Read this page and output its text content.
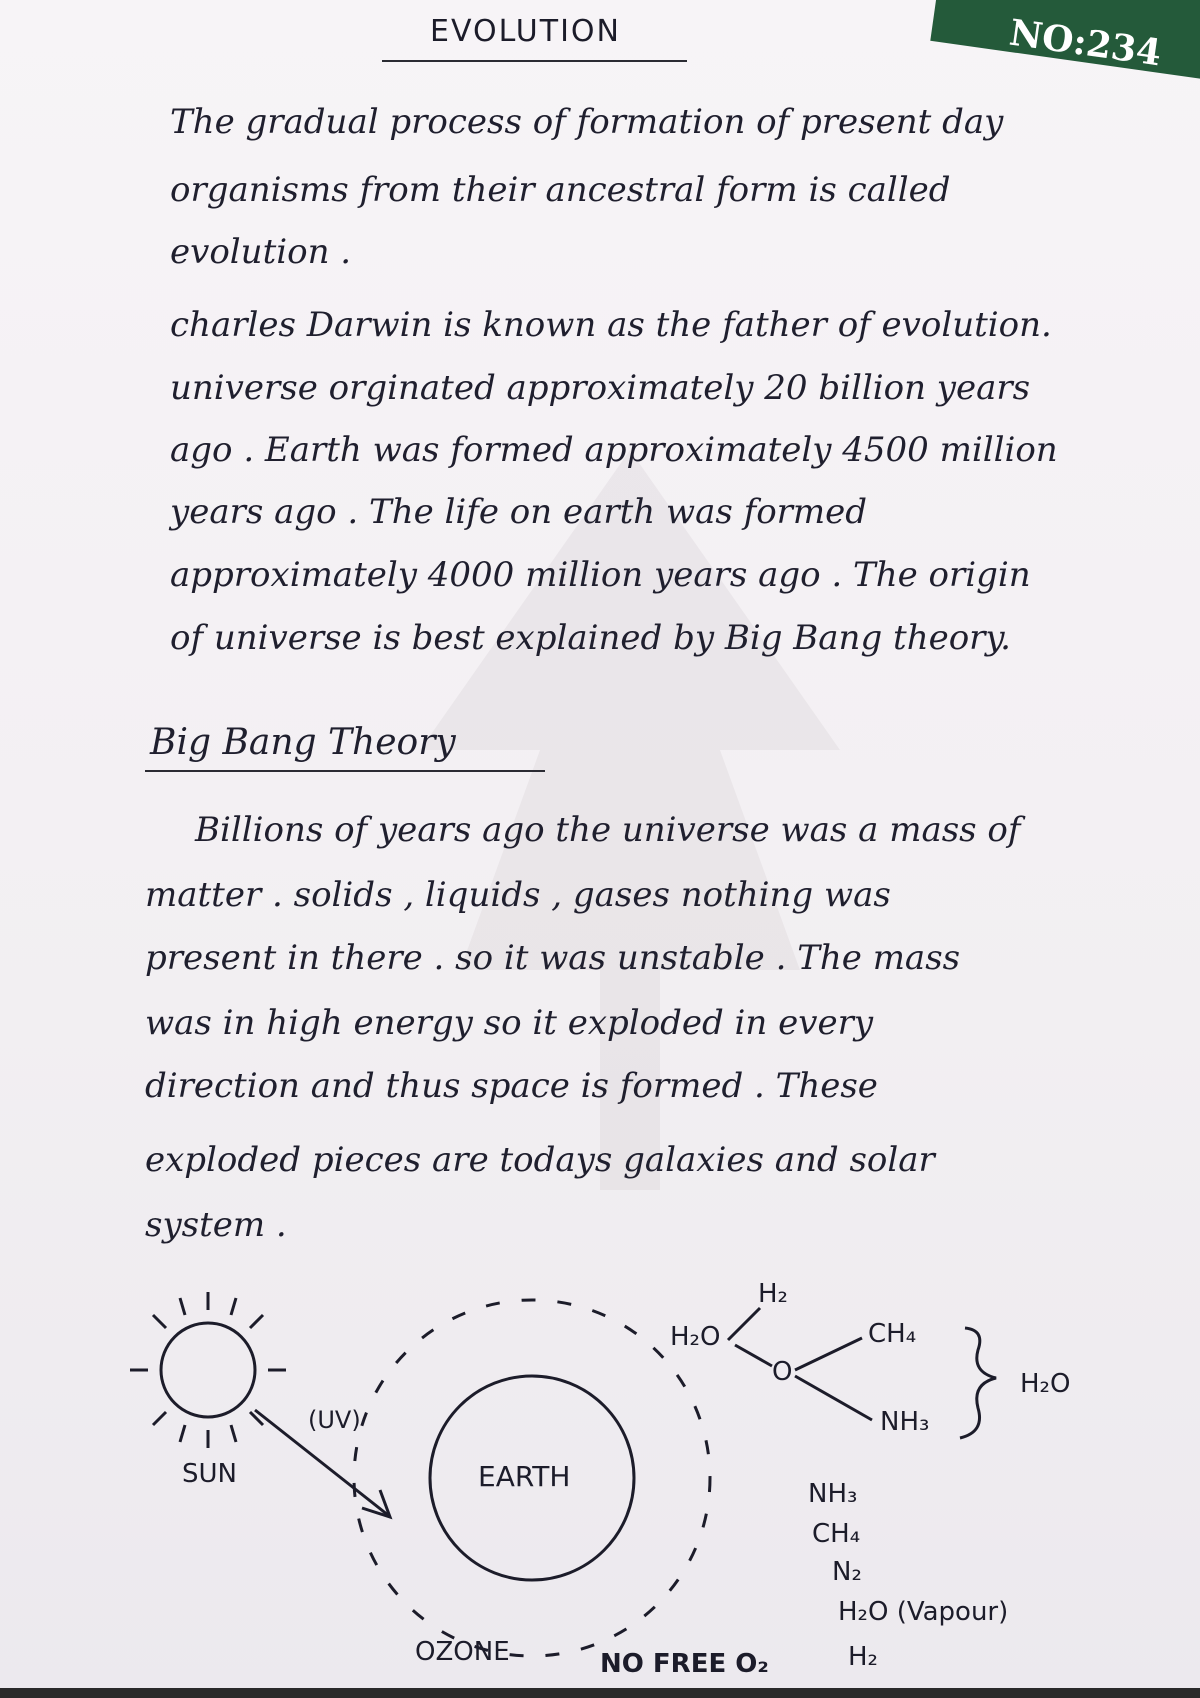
NO:234
EVOLUTION
The gradual process of formation of present day
organisms from their ancestral form is called
evolution .
charles Darwin is known as the father of evolution.
universe orginated approximately 20 billion years
ago . Earth was formed approximately 4500 million
years ago . The life on earth was formed
approximately 4000 million years ago . The origin
of universe is best explained by Big Bang theory.
Big Bang Theory
Billions of years ago the universe was a mass of
matter . solids , liquids , gases nothing was
present in there . so it was unstable . The mass
was in high energy so it exploded in every
direction and thus space is formed . These
exploded pieces are todays galaxies and solar
system .
SUN
(UV)
EARTH
OZONE	NO FREE O₂
H₂
H₂O
O
CH₄
NH₃
H₂O
NH₃
CH₄
N₂
H₂O (Vapour)
H₂
